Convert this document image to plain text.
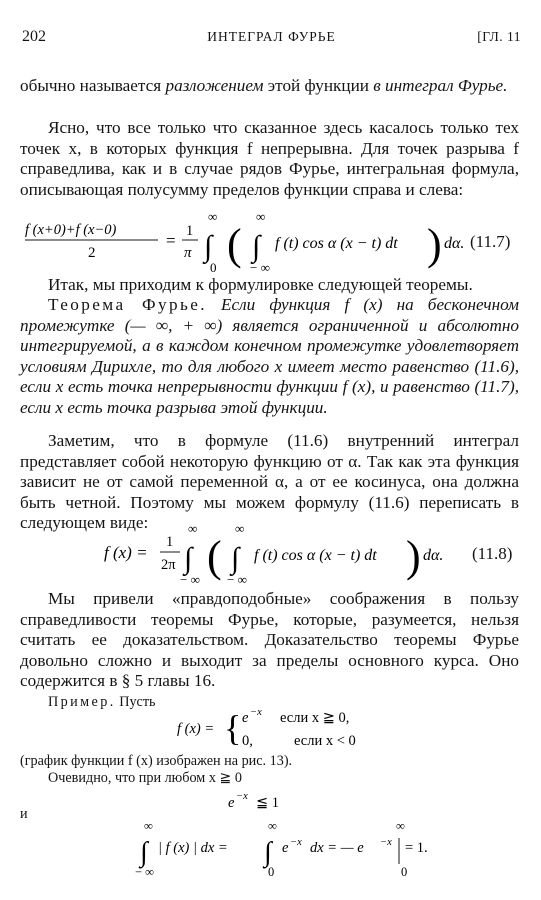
202	ИНТЕГРАЛ ФУРЬЕ	[ГЛ. 11
обычно называется разложением этой функции в интеграл Фурье.
Ясно, что все только что сказанное здесь касалось только тех точек x, в которых функция f непрерывна. Для точек разрыва f справедлива, как и в случае рядов Фурье, интегральная формула, описывающая полусумму пределов функции справа и слева:
f (x+0)+f (x−0)
2
= 1
π
∞
∫
0 (
∞
∫
− ∞
f (t) cos α (x − t) dt ) dα. (11.7)
Итак, мы приходим к формулировке следующей теоремы.
Теорема Фурье. Если функция f (x) на бесконечном промежутке (— ∞, + ∞) является ограниченной и абсолютно интегрируемой, а в каждом конечном промежутке удовлетворяет условиям Дирихле, то для любого x имеет место равенство (11.6), если x есть точка непрерывности функции f (x), и равенство (11.7), если x есть точка разрыва этой функции.
Заметим, что в формуле (11.6) внутренний интеграл представляет собой некоторую функцию от α. Так как эта функция зависит не от самой переменной α, а от ее косинуса, она должна быть четной. Поэтому мы можем формулу (11.6) переписать в следующем виде:
f (x) =
1
2π
∞
∫
− ∞ (
∞
∫
− ∞
f (t) cos α (x − t) dt ) dα. (11.8)
Мы привели «правдоподобные» соображения в пользу справедливости теоремы Фурье, которые, разумеется, нельзя считать ее доказательством. Доказательство теоремы Фурье довольно сложно и выходит за пределы основного курса. Оно содержится в § 5 главы 16.
Пример. Пусть
f (x) = { e −x если x ≧ 0,
0,	если x < 0
(график функции f (x) изображен на рис. 13).
Очевидно, что при любом x ≧ 0
e −x ≦ 1
и
∞
∫
− ∞
| f (x) | dx =
∞
∫
0
e −x dx = — e −x
∞
0
= 1.
